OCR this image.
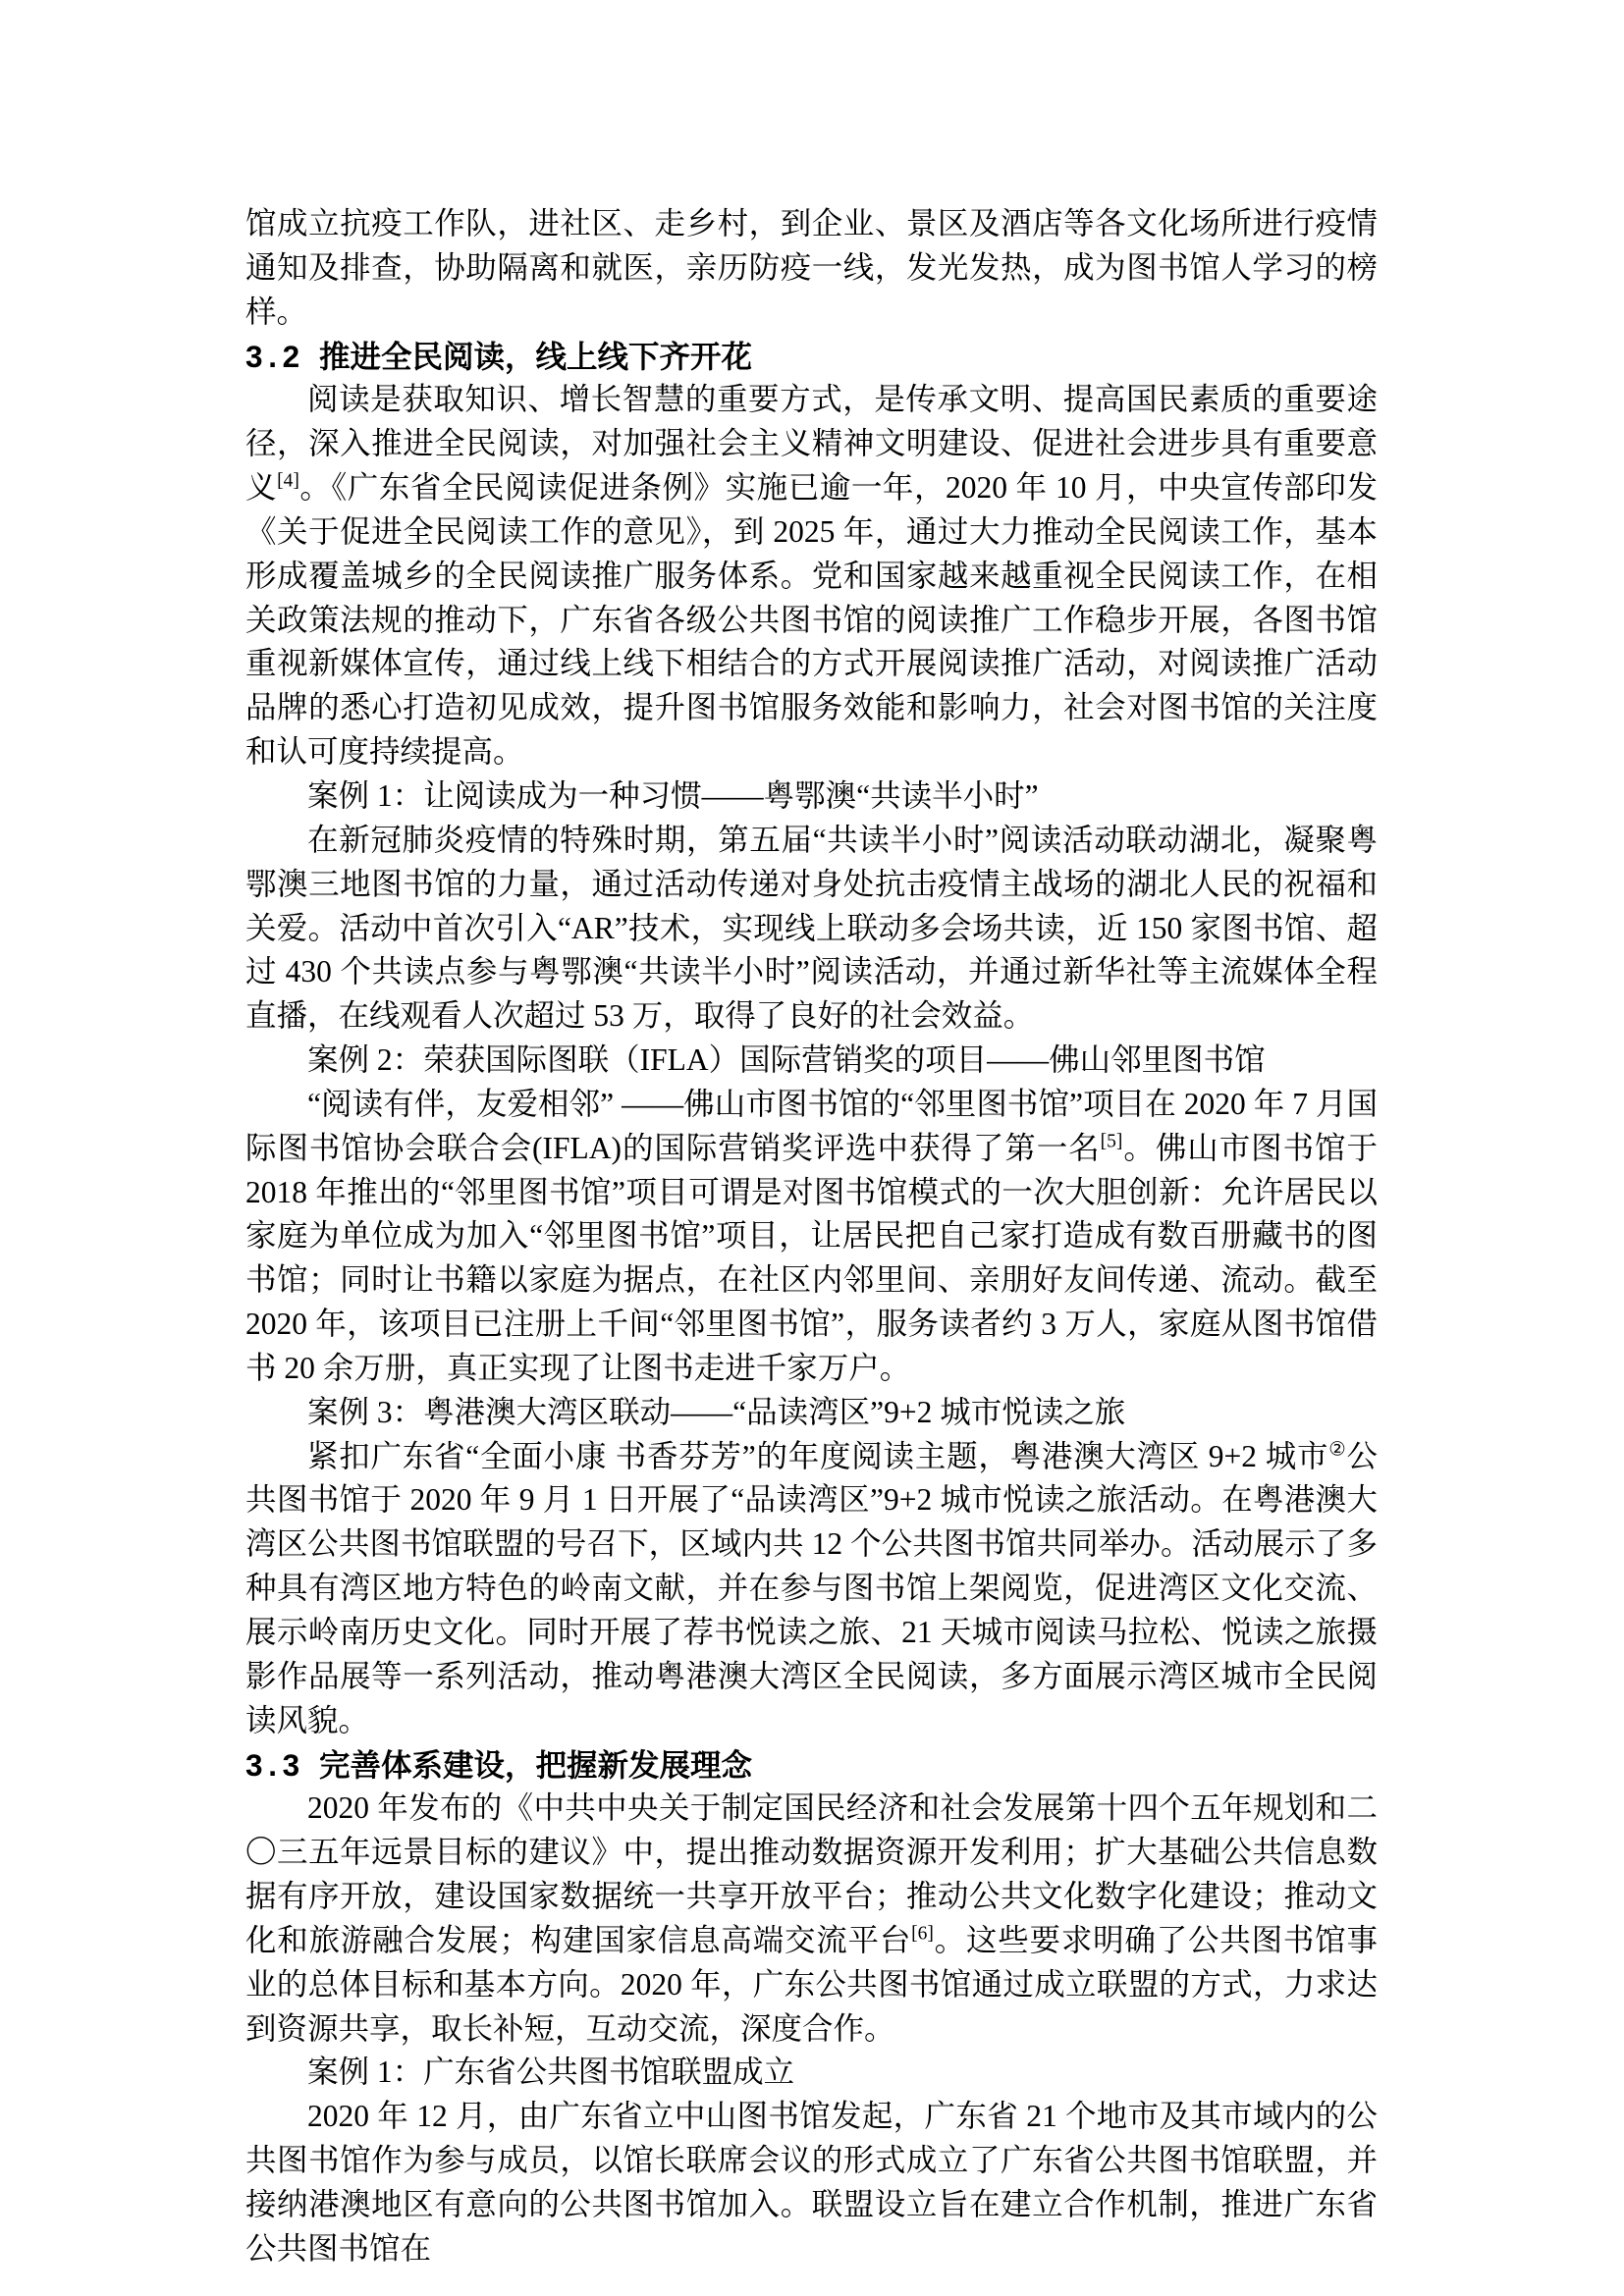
馆成立抗疫工作队，进社区、走乡村，到企业、景区及酒店等各文化场所进行疫情通知及排查，协助隔离和就医，亲历防疫一线，发光发热，成为图书馆人学习的榜样。

3.2 推进全民阅读，线上线下齐开花

阅读是获取知识、增长智慧的重要方式，是传承文明、提高国民素质的重要途径，深入推进全民阅读，对加强社会主义精神文明建设、促进社会进步具有重要意义[4]。《广东省全民阅读促进条例》实施已逾一年，2020 年 10 月，中央宣传部印发《关于促进全民阅读工作的意见》，到 2025 年，通过大力推动全民阅读工作，基本形成覆盖城乡的全民阅读推广服务体系。党和国家越来越重视全民阅读工作，在相关政策法规的推动下，广东省各级公共图书馆的阅读推广工作稳步开展，各图书馆重视新媒体宣传，通过线上线下相结合的方式开展阅读推广活动，对阅读推广活动品牌的悉心打造初见成效，提升图书馆服务效能和影响力，社会对图书馆的关注度和认可度持续提高。

案例 1：让阅读成为一种习惯——粤鄂澳“共读半小时”

在新冠肺炎疫情的特殊时期，第五届“共读半小时”阅读活动联动湖北，凝聚粤鄂澳三地图书馆的力量，通过活动传递对身处抗击疫情主战场的湖北人民的祝福和关爱。活动中首次引入“AR”技术，实现线上联动多会场共读，近 150 家图书馆、超过 430 个共读点参与粤鄂澳“共读半小时”阅读活动，并通过新华社等主流媒体全程直播，在线观看人次超过 53 万，取得了良好的社会效益。

案例 2：荣获国际图联（IFLA）国际营销奖的项目——佛山邻里图书馆

“阅读有伴，友爱相邻” ——佛山市图书馆的“邻里图书馆”项目在 2020 年 7 月国际图书馆协会联合会(IFLA)的国际营销奖评选中获得了第一名[5]。佛山市图书馆于 2018 年推出的“邻里图书馆”项目可谓是对图书馆模式的一次大胆创新：允许居民以家庭为单位成为加入“邻里图书馆”项目，让居民把自己家打造成有数百册藏书的图书馆；同时让书籍以家庭为据点，在社区内邻里间、亲朋好友间传递、流动。截至 2020 年，该项目已注册上千间“邻里图书馆”，服务读者约 3 万人，家庭从图书馆借书 20 余万册，真正实现了让图书走进千家万户。

案例 3：粤港澳大湾区联动——“品读湾区”9+2 城市悦读之旅

紧扣广东省“全面小康 书香芬芳”的年度阅读主题，粤港澳大湾区 9+2 城市②公共图书馆于 2020 年 9 月 1 日开展了“品读湾区”9+2 城市悦读之旅活动。在粤港澳大湾区公共图书馆联盟的号召下，区域内共 12 个公共图书馆共同举办。活动展示了多种具有湾区地方特色的岭南文献，并在参与图书馆上架阅览，促进湾区文化交流、展示岭南历史文化。同时开展了荐书悦读之旅、21 天城市阅读马拉松、悦读之旅摄影作品展等一系列活动，推动粤港澳大湾区全民阅读，多方面展示湾区城市全民阅读风貌。

3.3 完善体系建设，把握新发展理念

2020 年发布的《中共中央关于制定国民经济和社会发展第十四个五年规划和二〇三五年远景目标的建议》中，提出推动数据资源开发利用；扩大基础公共信息数据有序开放，建设国家数据统一共享开放平台；推动公共文化数字化建设；推动文化和旅游融合发展；构建国家信息高端交流平台[6]。这些要求明确了公共图书馆事业的总体目标和基本方向。2020 年，广东公共图书馆通过成立联盟的方式，力求达到资源共享，取长补短，互动交流，深度合作。

案例 1：广东省公共图书馆联盟成立

2020 年 12 月，由广东省立中山图书馆发起，广东省 21 个地市及其市域内的公共图书馆作为参与成员，以馆长联席会议的形式成立了广东省公共图书馆联盟，并接纳港澳地区有意向的公共图书馆加入。联盟设立旨在建立合作机制，推进广东省公共图书馆在
